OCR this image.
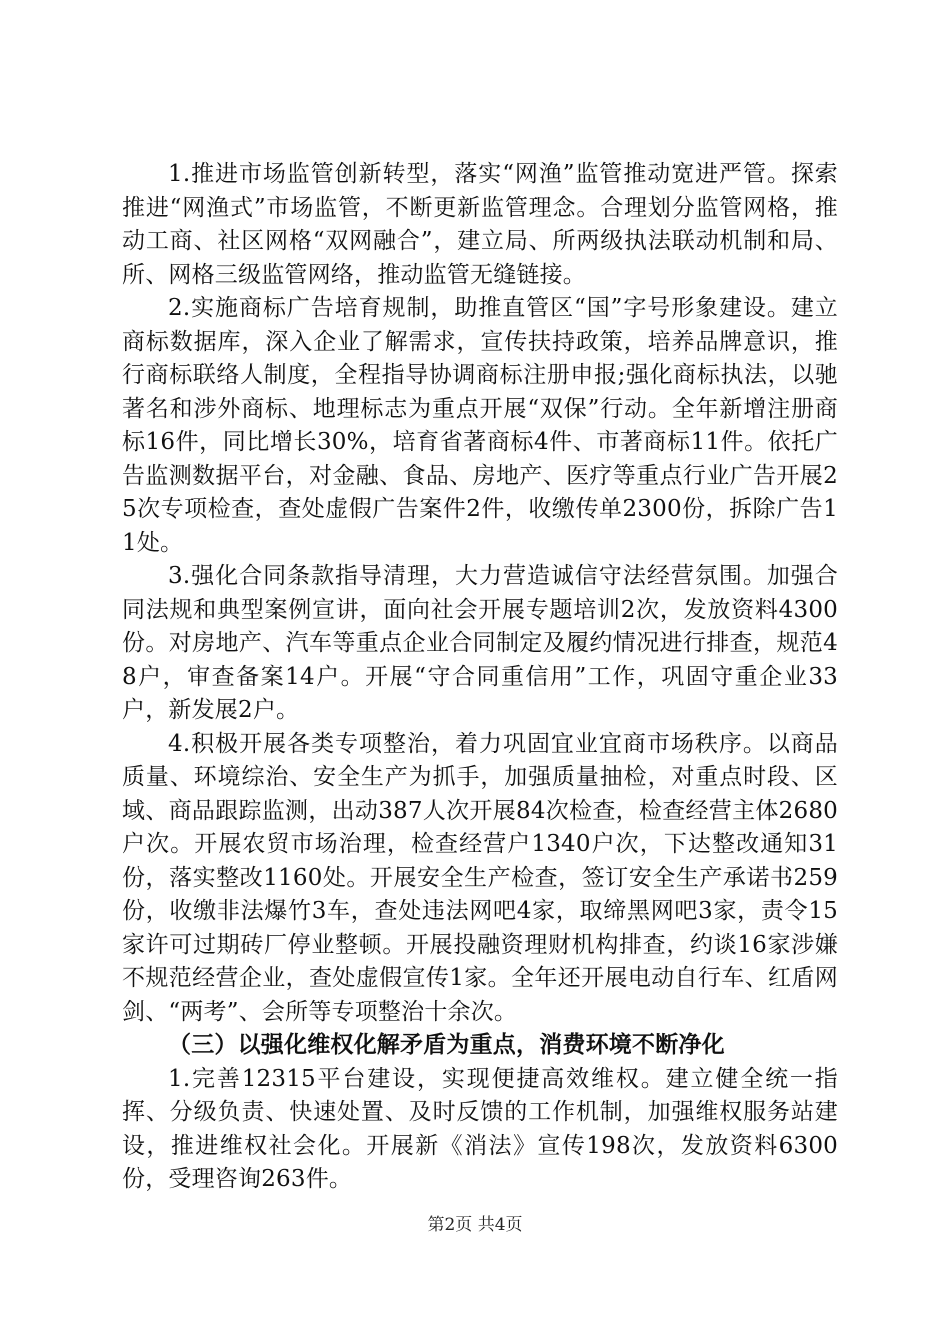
1.推进市场监管创新转型，落实“网渔”监管推动宽进严管。探索推进“网渔式”市场监管，不断更新监管理念。合理划分监管网格，推动工商、社区网格“双网融合”，建立局、所两级执法联动机制和局、所、网格三级监管网络，推动监管无缝链接。

2.实施商标广告培育规制，助推直管区“国”字号形象建设。建立商标数据库，深入企业了解需求，宣传扶持政策，培养品牌意识，推行商标联络人制度，全程指导协调商标注册申报;强化商标执法，以驰著名和涉外商标、地理标志为重点开展“双保”行动。全年新增注册商标16件，同比增长30%，培育省著商标4件、市著商标11件。依托广告监测数据平台，对金融、食品、房地产、医疗等重点行业广告开展25次专项检查，查处虚假广告案件2件，收缴传单2300份，拆除广告11处。

3.强化合同条款指导清理，大力营造诚信守法经营氛围。加强合同法规和典型案例宣讲，面向社会开展专题培训2次，发放资料4300份。对房地产、汽车等重点企业合同制定及履约情况进行排查，规范48户，审查备案14户。开展“守合同重信用”工作，巩固守重企业33户，新发展2户。

4.积极开展各类专项整治，着力巩固宜业宜商市场秩序。以商品质量、环境综治、安全生产为抓手，加强质量抽检，对重点时段、区域、商品跟踪监测，出动387人次开展84次检查，检查经营主体2680户次。开展农贸市场治理，检查经营户1340户次，下达整改通知31份，落实整改1160处。开展安全生产检查，签订安全生产承诺书259份，收缴非法爆竹3车，查处违法网吧4家，取缔黑网吧3家，责令15家许可过期砖厂停业整顿。开展投融资理财机构排查，约谈16家涉嫌不规范经营企业，查处虚假宣传1家。全年还开展电动自行车、红盾网剑、“两考”、会所等专项整治十余次。

（三）以强化维权化解矛盾为重点，消费环境不断净化

1.完善12315平台建设，实现便捷高效维权。建立健全统一指挥、分级负责、快速处置、及时反馈的工作机制，加强维权服务站建设，推进维权社会化。开展新《消法》宣传198次，发放资料6300份，受理咨询263件。

第2页 共4页
